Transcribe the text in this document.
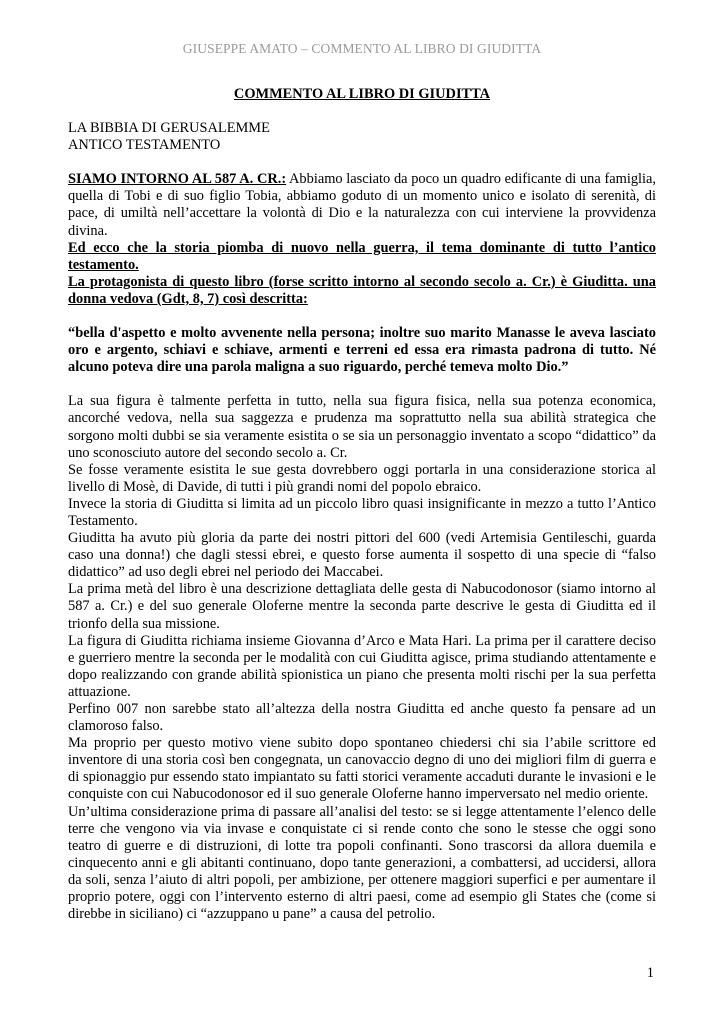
GIUSEPPE AMATO – COMMENTO AL LIBRO DI GIUDITTA
COMMENTO AL LIBRO DI GIUDITTA
LA BIBBIA DI GERUSALEMME
ANTICO TESTAMENTO

SIAMO INTORNO AL 587 A. CR.: Abbiamo lasciato da poco un quadro edificante di una famiglia, quella di Tobi e di suo figlio Tobia, abbiamo goduto di un momento unico e isolato di serenità, di pace, di umiltà nell’accettare la volontà di Dio e la naturalezza con cui interviene la provvidenza divina.

Ed ecco che la storia piomba di nuovo nella guerra, il tema dominante di tutto l’antico testamento.

La protagonista di questo libro (forse scritto intorno al secondo secolo a. Cr.) è Giuditta. una donna vedova (Gdt, 8, 7) così descritta:

“bella d'aspetto e molto avvenente nella persona; inoltre suo marito Manasse le aveva lasciato oro e argento, schiavi e schiave, armenti e terreni ed essa era rimasta padrona di tutto. Né alcuno poteva dire una parola maligna a suo riguardo, perché temeva molto Dio.”

La sua figura è talmente perfetta in tutto, nella sua figura fisica, nella sua potenza economica, ancorché vedova, nella sua saggezza e prudenza ma soprattutto nella sua abilità strategica che sorgono molti dubbi se sia veramente esistita o se sia un personaggio inventato a scopo “didattico” da uno sconosciuto autore del secondo secolo a. Cr.

Se fosse veramente esistita le sue gesta dovrebbero oggi portarla in una considerazione storica al livello di Mosè, di Davide, di tutti i più grandi nomi del popolo ebraico.

Invece la storia di Giuditta si limita ad un piccolo libro quasi insignificante in mezzo a tutto l’Antico Testamento.

Giuditta ha avuto più gloria da parte dei nostri pittori del 600 (vedi Artemisia Gentileschi, guarda caso una donna!) che dagli stessi ebrei, e questo forse aumenta il sospetto di una specie di “falso didattico” ad uso degli ebrei nel periodo dei Maccabei.

La prima metà del libro è una descrizione dettagliata delle gesta di Nabucodonosor (siamo intorno al 587 a. Cr.) e del suo generale Oloferne mentre la seconda parte descrive le gesta di Giuditta ed il trionfo della sua missione.

La figura di Giuditta richiama insieme Giovanna d’Arco e Mata Hari. La prima per il carattere deciso e guerriero mentre la seconda per le modalità con cui Giuditta agisce, prima studiando attentamente e dopo realizzando con grande abilità spionistica un piano che presenta molti rischi per la sua perfetta attuazione.

Perfino 007 non sarebbe stato all’altezza della nostra Giuditta ed anche questo fa pensare ad un clamoroso falso.

Ma proprio per questo motivo viene subito dopo spontaneo chiedersi chi sia l’abile scrittore ed inventore di una storia così ben congegnata, un canovaccio degno di uno dei migliori film di guerra e di spionaggio pur essendo stato impiantato su fatti storici veramente accaduti durante le invasioni e le conquiste con cui Nabucodonosor ed il suo generale Oloferne hanno imperversato nel medio oriente.

Un’ultima considerazione prima di passare all’analisi del testo: se si legge attentamente l’elenco delle terre che vengono via via invase e conquistate ci si rende conto che sono le stesse che oggi sono teatro di guerre e di distruzioni, di lotte tra popoli confinanti. Sono trascorsi da allora duemila e cinquecento anni e gli abitanti continuano, dopo tante generazioni, a combattersi, ad uccidersi, allora da soli, senza l’aiuto di altri popoli, per ambizione, per ottenere maggiori superfici e per aumentare il proprio potere, oggi con l’intervento esterno di altri paesi, come ad esempio gli States che (come si direbbe in siciliano) ci “azzuppano u pane” a causa del petrolio.

1
